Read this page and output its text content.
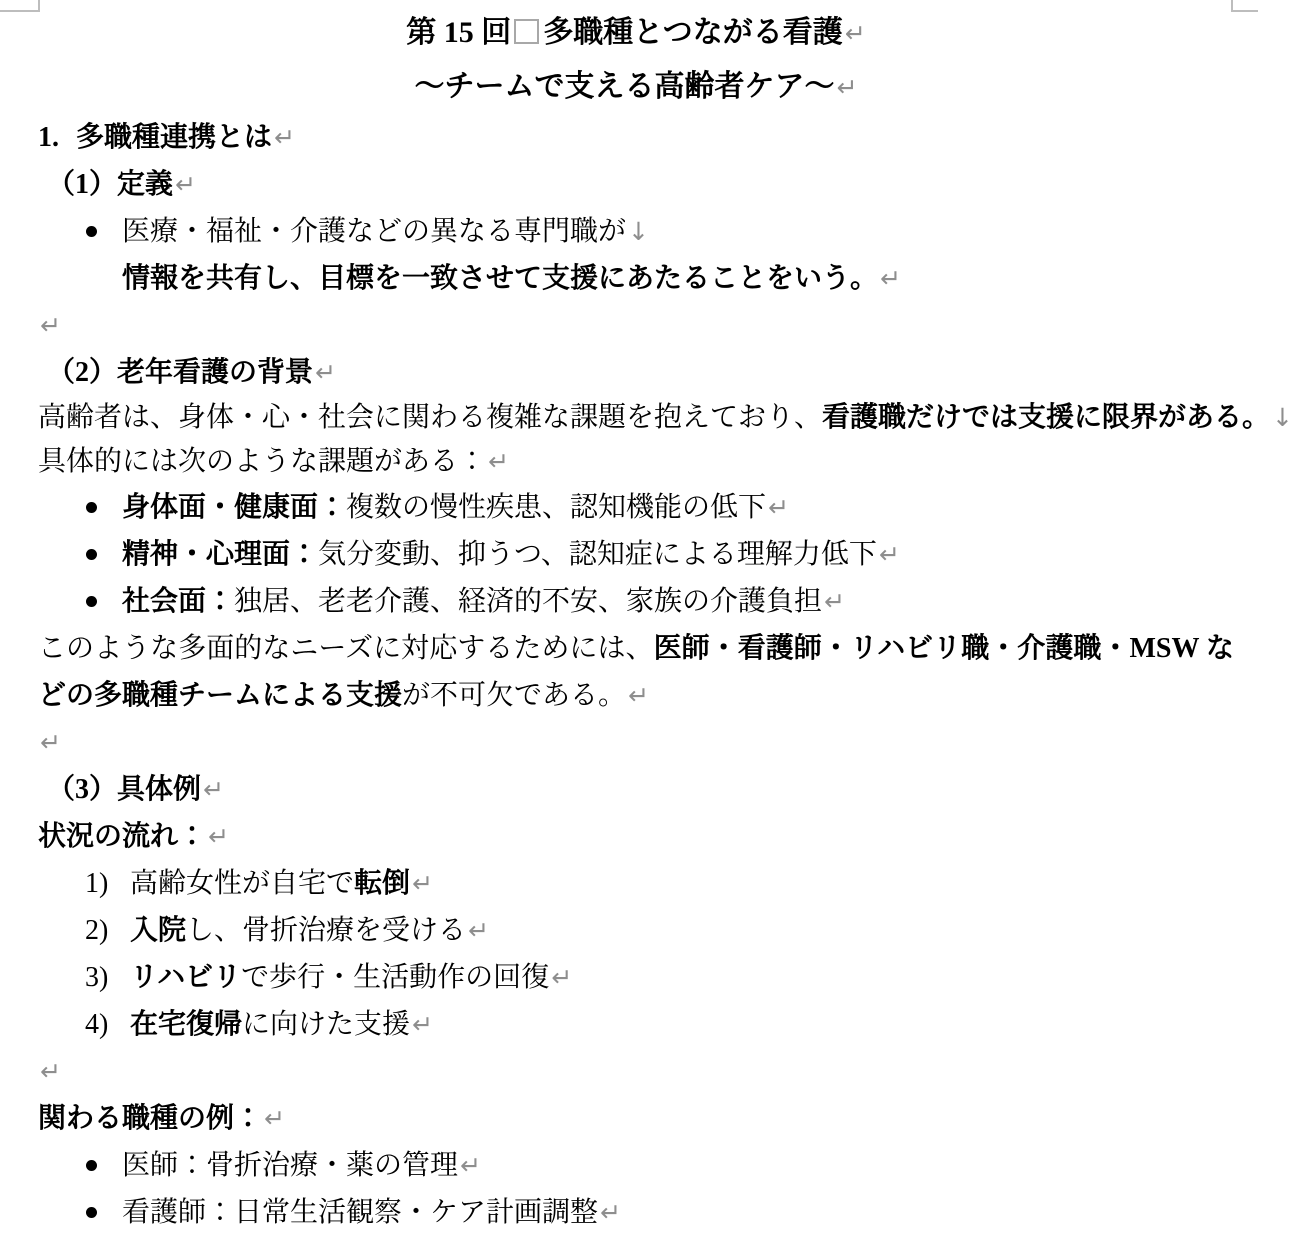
第 15 回 多職種とつながる看護↵
～チームで支える高齢者ケア～↵
1. 多職種連携とは↵
（1）定義↵
医療・福祉・介護などの異なる専門職が↓
情報を共有し、目標を一致させて支援にあたることをいう。↵
↵
（2）老年看護の背景↵
高齢者は、身体・心・社会に関わる複雑な課題を抱えており、看護職だけでは支援に限界がある。↓
具体的には次のような課題がある：↵
身体面・健康面：複数の慢性疾患、認知機能の低下↵
精神・心理面：気分変動、抑うつ、認知症による理解力低下↵
社会面：独居、老老介護、経済的不安、家族の介護負担↵
このような多面的なニーズに対応するためには、医師・看護師・リハビリ職・介護職・MSW などの多職種チームによる支援が不可欠である。↵
↵
（3）具体例↵
状況の流れ：↵
1) 高齢女性が自宅で転倒↵
2) 入院し、骨折治療を受ける↵
3) リハビリで歩行・生活動作の回復↵
4) 在宅復帰に向けた支援↵
↵
関わる職種の例：↵
医師：骨折治療・薬の管理↵
看護師：日常生活観察・ケア計画調整↵
